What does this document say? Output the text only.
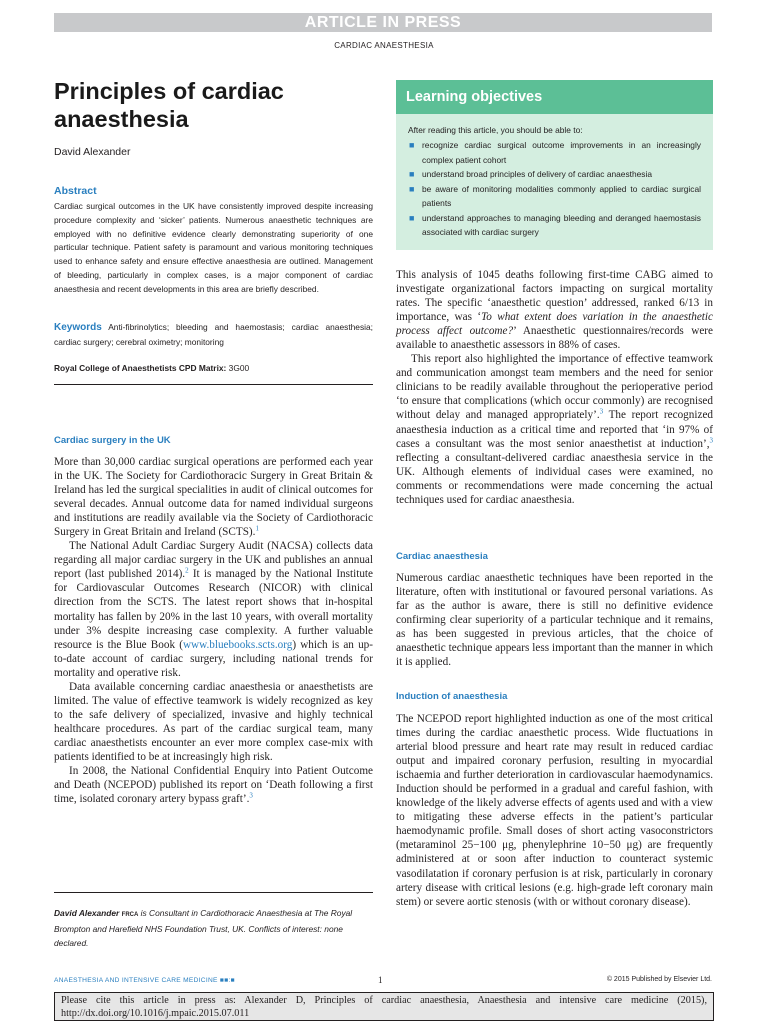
ARTICLE IN PRESS
CARDIAC ANAESTHESIA
Principles of cardiac anaesthesia
David Alexander
Abstract
Cardiac surgical outcomes in the UK have consistently improved despite increasing procedure complexity and ‘sicker’ patients. Numerous anaesthetic techniques are employed with no definitive evidence clearly demonstrating superiority of one particular technique. Patient safety is paramount and various monitoring techniques used to enhance safety and ensure effective anaesthesia are outlined. Management of bleeding, particularly in complex cases, is a major component of cardiac anaesthesia and recent developments in this area are briefly described.
Keywords Anti-fibrinolytics; bleeding and haemostasis; cardiac anaesthesia; cardiac surgery; cerebral oximetry; monitoring
Royal College of Anaesthetists CPD Matrix: 3G00
Learning objectives
After reading this article, you should be able to:
■ recognize cardiac surgical outcome improvements in an increasingly complex patient cohort
■ understand broad principles of delivery of cardiac anaesthesia
■ be aware of monitoring modalities commonly applied to cardiac surgical patients
■ understand approaches to managing bleeding and deranged haemostasis associated with cardiac surgery
Cardiac surgery in the UK

More than 30,000 cardiac surgical operations are performed each year in the UK. The Society for Cardiothoracic Surgery in Great Britain & Ireland has led the surgical specialities in audit of clinical outcomes for several decades. Annual outcome data for named individual surgeons and institutions are readily available via the Society of Cardiothoracic Surgery in Great Britain and Ireland (SCTS).$^1$

The National Adult Cardiac Surgery Audit (NACSA) collects data regarding all major cardiac surgery in the UK and publishes an annual report (last published 2014).$^2$ It is managed by the National Institute for Cardiovascular Outcomes Research (NICOR) with clinical direction from the SCTS. The latest report shows that in-hospital mortality has fallen by 20% in the last 10 years, with overall mortality under 3% despite increasing case complexity. A further valuable resource is the Blue Book (www.bluebooks.scts.org) which is an up-to-date account of cardiac surgery, including national trends for mortality and operative risk.

Data available concerning cardiac anaesthesia or anaesthetists are limited. The value of effective teamwork is widely recognized as key to the safe delivery of specialized, invasive and highly technical healthcare procedures. As part of the cardiac surgical team, many cardiac anaesthetists encounter an ever more complex case-mix with patients identified to be at increasingly high risk.

In 2008, the National Confidential Enquiry into Patient Outcome and Death (NCEPOD) published its report on ‘Death following a first time, isolated coronary artery bypass graft’.$^3$

David Alexander FRCA is Consultant in Cardiothoracic Anaesthesia at The Royal Brompton and Harefield NHS Foundation Trust, UK. Conflicts of interest: none declared.

This analysis of 1045 deaths following first-time CABG aimed to investigate organizational factors impacting on surgical mortality rates. The specific ‘anaesthetic question’ addressed, ranked 6/13 in importance, was ‘To what extent does variation in the anaesthetic process affect outcome?’ Anaesthetic questionnaires/records were available to anaesthetic assessors in 88% of cases.

This report also highlighted the importance of effective teamwork and communication amongst team members and the need for senior clinicians to be readily available throughout the perioperative period ‘to ensure that complications (which occur commonly) are recognised without delay and managed appropriately’.$^3$ The report recognized anaesthesia induction as a critical time and reported that ‘in 97% of cases a consultant was the most senior anaesthetist at induction’,$^3$ reflecting a consultant-delivered cardiac anaesthesia service in the UK. Although elements of individual cases were examined, no comments or recommendations were made concerning the actual techniques used for cardiac anaesthesia.

Cardiac anaesthesia

Numerous cardiac anaesthetic techniques have been reported in the literature, often with institutional or favoured personal variations. As far as the author is aware, there is still no definitive evidence confirming clear superiority of a particular technique and it remains, as has been suggested in previous articles, that the choice of anaesthetic technique appears less important than the manner in which it is applied.

Induction of anaesthesia

The NCEPOD report highlighted induction as one of the most critical times during the cardiac anaesthetic process. Wide fluctuations in arterial blood pressure and heart rate may result in reduced cardiac output and impaired coronary perfusion, resulting in myocardial ischaemia and further deterioration in cardiovascular haemodynamics. Induction should be performed in a gradual and careful fashion, with knowledge of the likely adverse effects of agents used and with a view to mitigating these adverse effects in the patient’s particular haemodynamic profile. Small doses of short acting vasoconstrictors (metaraminol 25−100 μg, phenylephrine 10−50 μg) are frequently administered at or soon after induction to counteract systemic vasodilatation if coronary perfusion is at risk, particularly in coronary artery disease with critical lesions (e.g. high-grade left coronary main stem) or severe aortic stenosis (with or without coronary disease).

ANAESTHESIA AND INTENSIVE CARE MEDICINE ■■:■	1	© 2015 Published by Elsevier Ltd.
Please cite this article in press as: Alexander D, Principles of cardiac anaesthesia, Anaesthesia and intensive care medicine (2015), http://dx.doi.org/10.1016/j.mpaic.2015.07.011
